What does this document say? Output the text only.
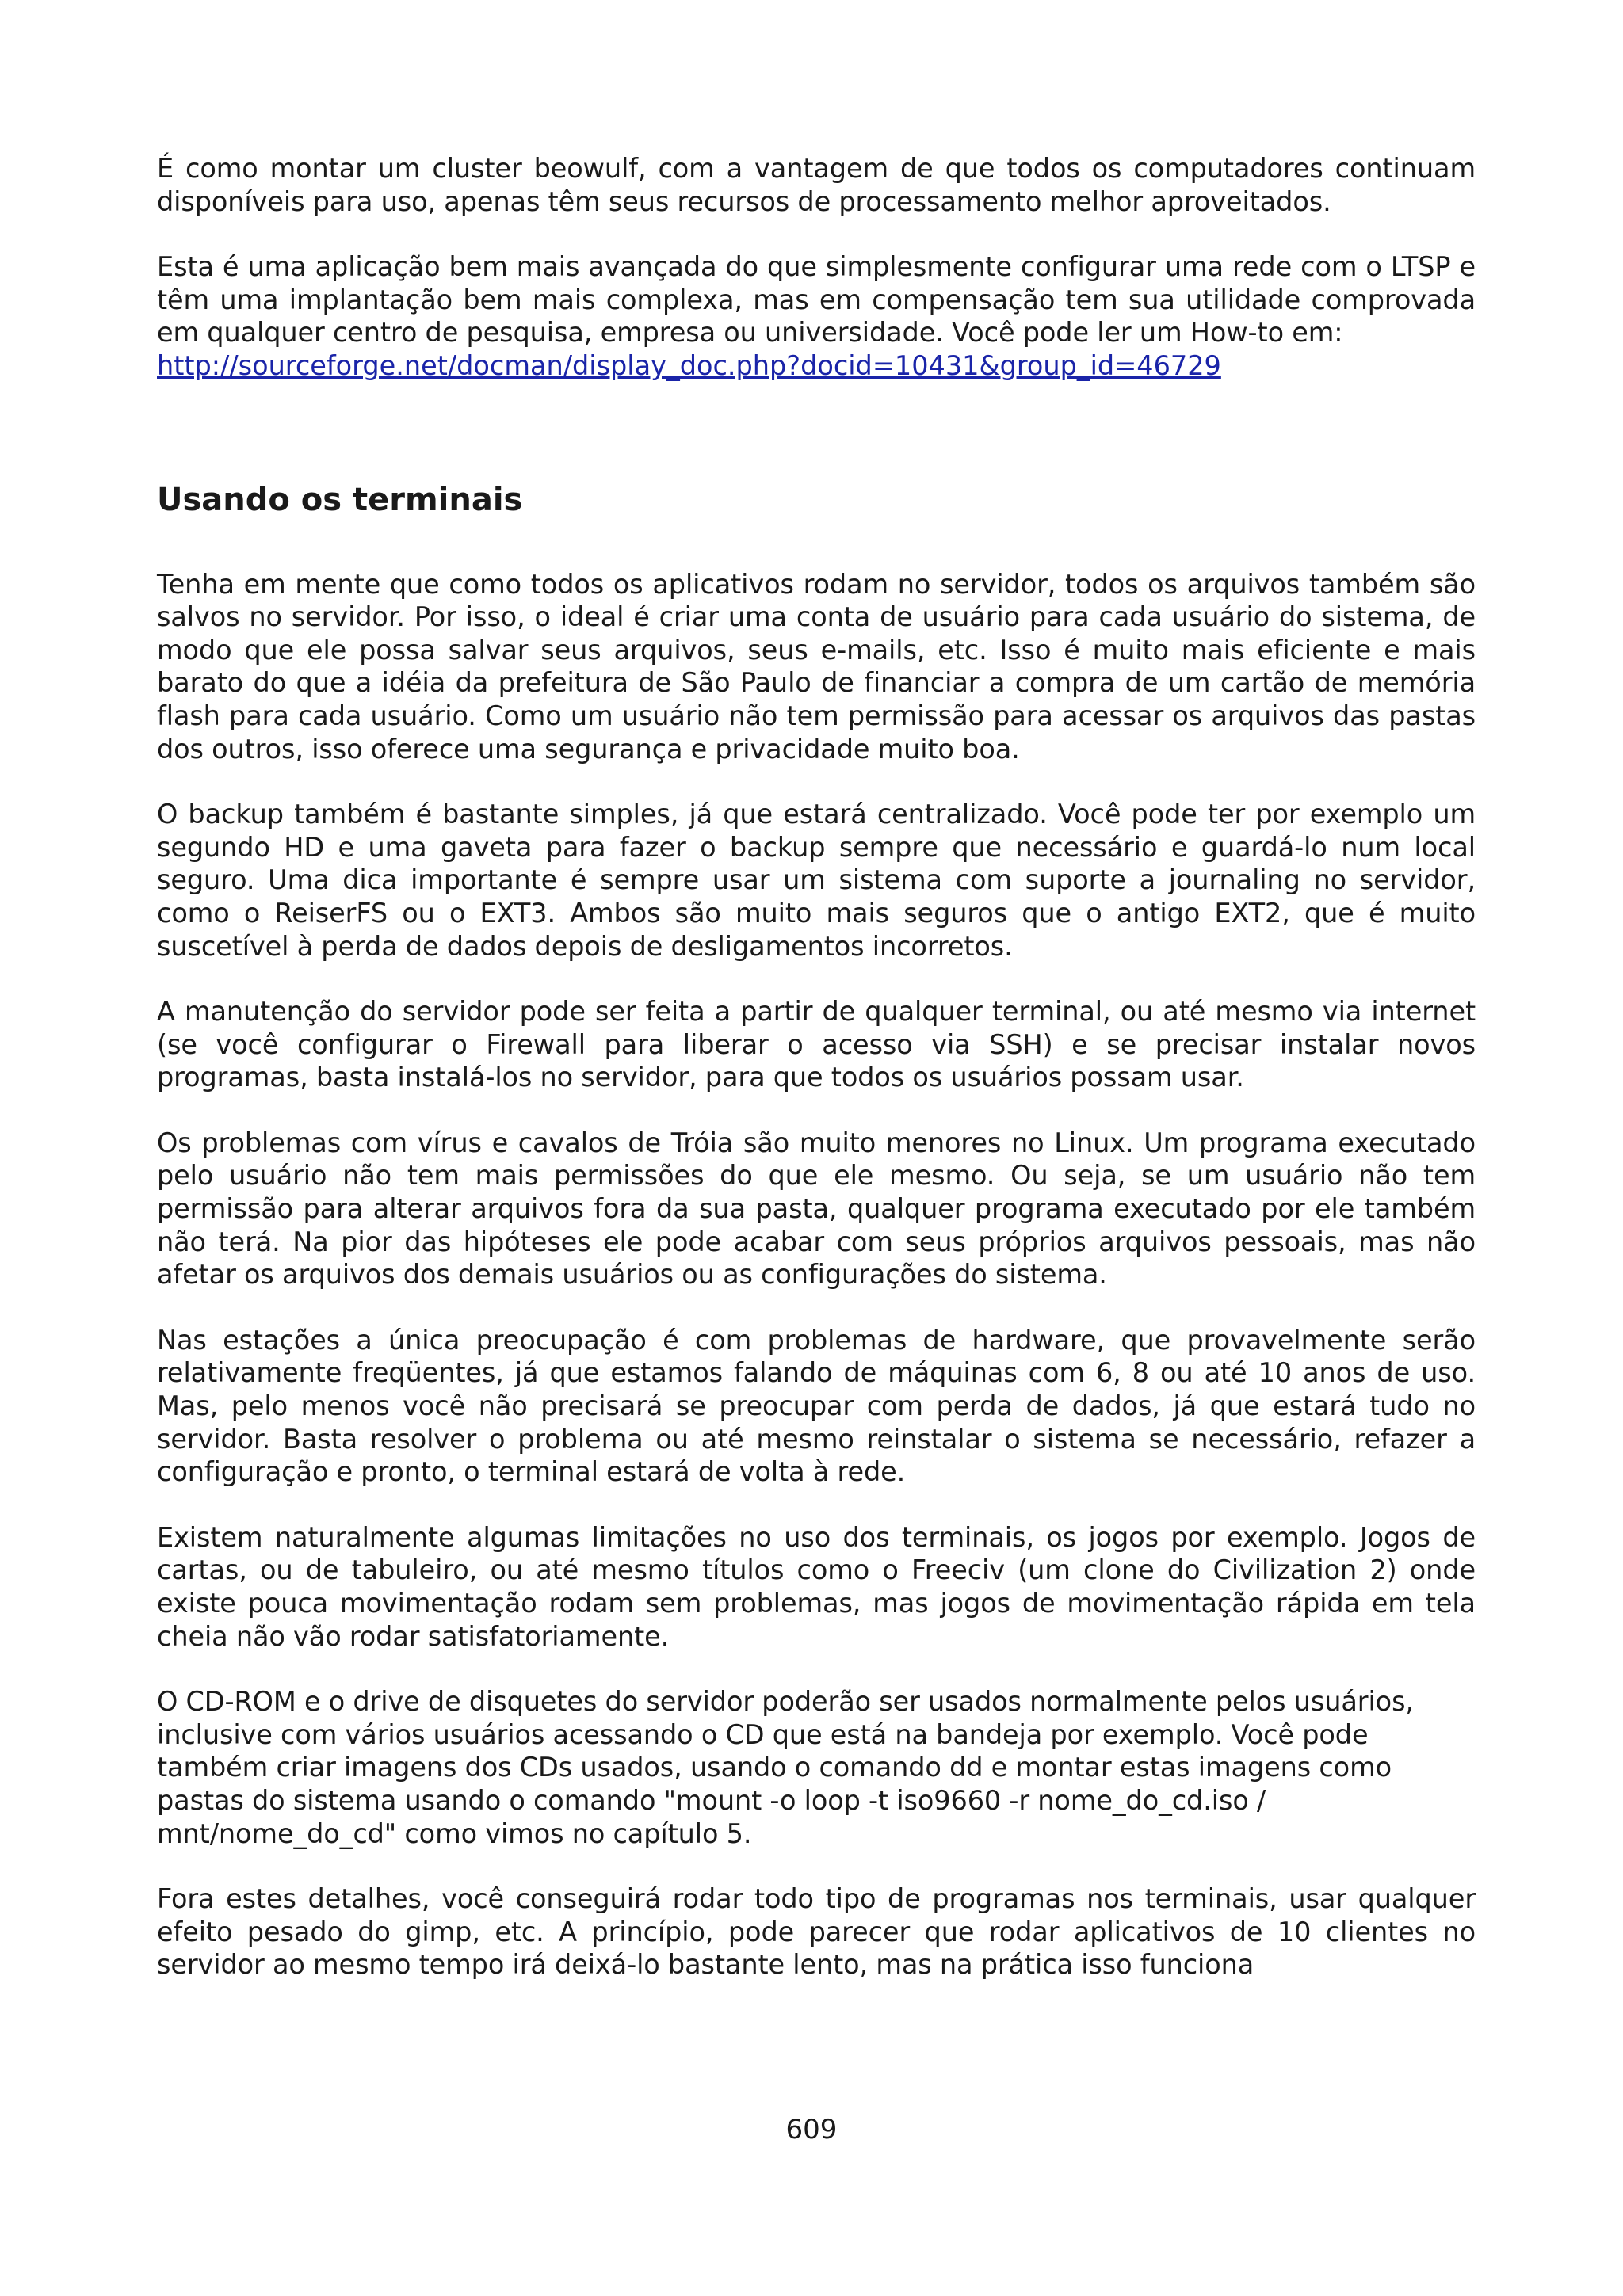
É como montar um cluster beowulf, com a vantagem de que todos os computadores continuam disponíveis para uso, apenas têm seus recursos de processamento melhor aproveitados.

Esta é uma aplicação bem mais avançada do que simplesmente configurar uma rede com o LTSP e têm uma implantação bem mais complexa, mas em compensação tem sua utilidade comprovada em qualquer centro de pesquisa, empresa ou universidade. Você pode ler um How-to em:

http://sourceforge.net/docman/display_doc.php?docid=10431&group_id=46729

Usando os terminais

Tenha em mente que como todos os aplicativos rodam no servidor, todos os arquivos também são salvos no servidor. Por isso, o ideal é criar uma conta de usuário para cada usuário do sistema, de modo que ele possa salvar seus arquivos, seus e-mails, etc. Isso é muito mais eficiente e mais barato do que a idéia da prefeitura de São Paulo de financiar a compra de um cartão de memória flash para cada usuário. Como um usuário não tem permissão para acessar os arquivos das pastas dos outros, isso oferece uma segurança e privacidade muito boa.

O backup também é bastante simples, já que estará centralizado. Você pode ter por exemplo um segundo HD e uma gaveta para fazer o backup sempre que necessário e guardá-lo num local seguro. Uma dica importante é sempre usar um sistema com suporte a journaling no servidor, como o ReiserFS ou o EXT3. Ambos são muito mais seguros que o antigo EXT2, que é muito suscetível à perda de dados depois de desligamentos incorretos.

A manutenção do servidor pode ser feita a partir de qualquer terminal, ou até mesmo via internet (se você configurar o Firewall para liberar o acesso via SSH) e se precisar instalar novos programas, basta instalá-los no servidor, para que todos os usuários possam usar.

Os problemas com vírus e cavalos de Tróia são muito menores no Linux. Um programa executado pelo usuário não tem mais permissões do que ele mesmo. Ou seja, se um usuário não tem permissão para alterar arquivos fora da sua pasta, qualquer programa executado por ele também não terá. Na pior das hipóteses ele pode acabar com seus próprios arquivos pessoais, mas não afetar os arquivos dos demais usuários ou as configurações do sistema.

Nas estações a única preocupação é com problemas de hardware, que provavelmente serão relativamente freqüentes, já que estamos falando de máquinas com 6, 8 ou até 10 anos de uso. Mas, pelo menos você não precisará se preocupar com perda de dados, já que estará tudo no servidor. Basta resolver o problema ou até mesmo reinstalar o sistema se necessário, refazer a configuração e pronto, o terminal estará de volta à rede.

Existem naturalmente algumas limitações no uso dos terminais, os jogos por exemplo. Jogos de cartas, ou de tabuleiro, ou até mesmo títulos como o Freeciv (um clone do Civilization 2) onde existe pouca movimentação rodam sem problemas, mas jogos de movimentação rápida em tela cheia não vão rodar satisfatoriamente.

O CD-ROM e o drive de disquetes do servidor poderão ser usados normalmente pelos usuários, inclusive com vários usuários acessando o CD que está na bandeja por exemplo. Você pode também criar imagens dos CDs usados, usando o comando dd e montar estas imagens como pastas do sistema usando o comando "mount -o loop -t iso9660 -r nome_do_cd.iso / mnt/nome_do_cd" como vimos no capítulo 5.

Fora estes detalhes, você conseguirá rodar todo tipo de programas nos terminais, usar qualquer efeito pesado do gimp, etc. A princípio, pode parecer que rodar aplicativos de 10 clientes no servidor ao mesmo tempo irá deixá-lo bastante lento, mas na prática isso funciona

609
